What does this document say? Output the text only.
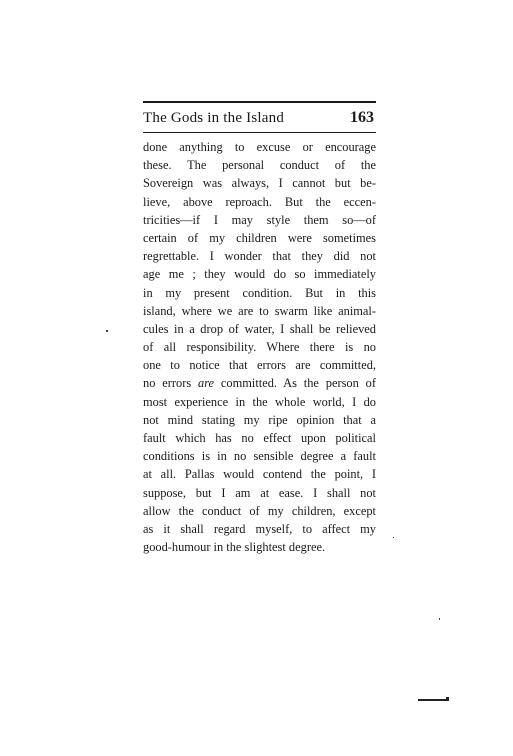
The Gods in the Island	163
done anything to excuse or encourage
these. The personal conduct of the
Sovereign was always, I cannot but be-
lieve, above reproach. But the eccen-
tricities—if I may style them so—of
certain of my children were sometimes
regrettable. I wonder that they did not
age me ; they would do so immediately
in my present condition. But in this
island, where we are to swarm like animal-
cules in a drop of water, I shall be relieved
of all responsibility. Where there is no
one to notice that errors are committed,
no errors are committed. As the person of
most experience in the whole world, I do
not mind stating my ripe opinion that a
fault which has no effect upon political
conditions is in no sensible degree a fault
at all. Pallas would contend the point, I
suppose, but I am at ease. I shall not
allow the conduct of my children, except
as it shall regard myself, to affect my
good-humour in the slightest degree.
